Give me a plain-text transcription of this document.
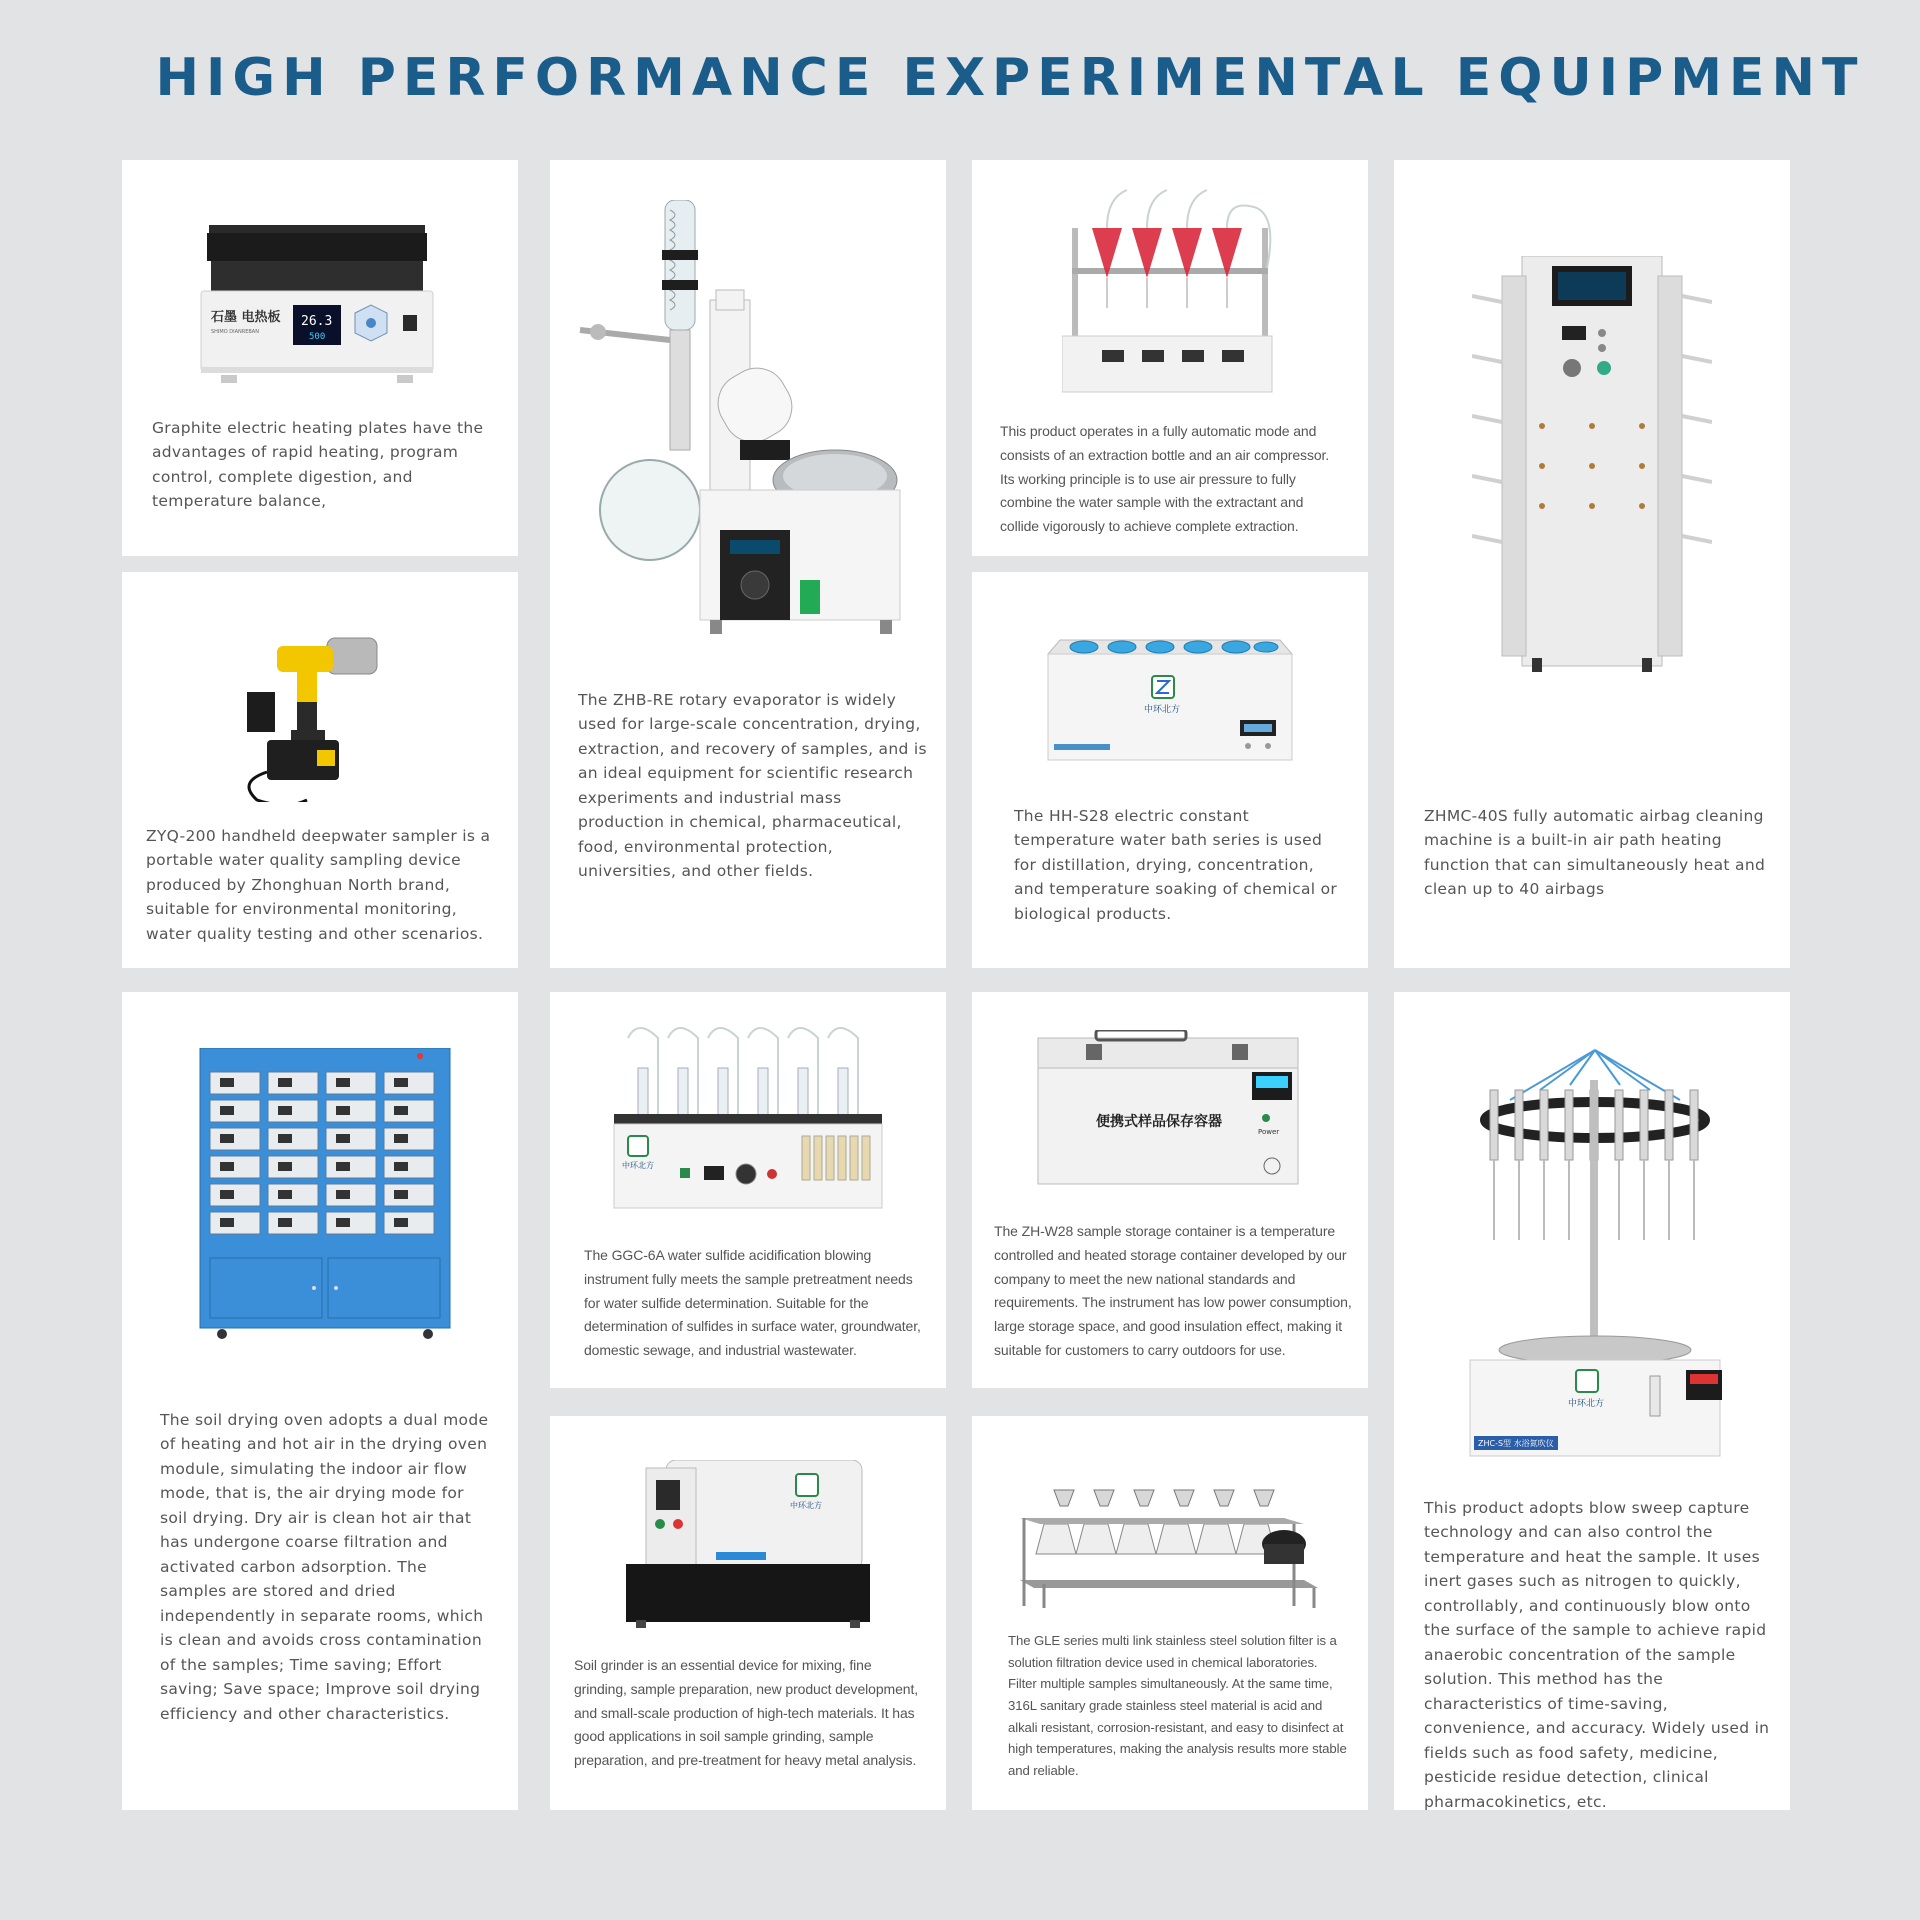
HIGH PERFORMANCE EXPERIMENTAL EQUIPMENT
石墨 电热板
SHIMO DIANREBAN
26.3
500
Graphite electric heating plates have the advantages of rapid heating, program control, complete digestion, and temperature balance,
The ZHB-RE rotary evaporator is widely used for large-scale concentration, drying, extraction, and recovery of samples, and is an ideal equipment for scientific research experiments and industrial mass production in chemical, pharmaceutical, food, environmental protection, universities, and other fields.
This product operates in a fully automatic mode and consists of an extraction bottle and an air compressor. Its working principle is to use air pressure to fully combine the water sample with the extractant and collide vigorously to achieve complete extraction.
ZHMC-40S fully automatic airbag cleaning machine is a built-in air path heating function that can simultaneously heat and clean up to 40 airbags
ZYQ-200 handheld deepwater sampler is a portable water quality sampling device produced by Zhonghuan North brand, suitable for environmental monitoring, water quality testing and other scenarios.
中环北方
The HH-S28 electric constant temperature water bath series is used for distillation, drying, concentration, and temperature soaking of chemical or biological products.
The soil drying oven adopts a dual mode of heating and hot air in the drying oven module, simulating the indoor air flow mode, that is, the air drying mode for soil drying. Dry air is clean hot air that has undergone coarse filtration and activated carbon adsorption. The samples are stored and dried independently in separate rooms, which is clean and avoids cross contamination of the samples; Time saving; Effort saving; Save space; Improve soil drying efficiency and other characteristics.
中环北方
The GGC-6A water sulfide acidification blowing instrument fully meets the sample pretreatment needs for water sulfide determination. Suitable for the determination of sulfides in surface water, groundwater, domestic sewage, and industrial wastewater.
便携式样品保存容器
Power
The ZH-W28 sample storage container is a temperature controlled and heated storage container developed by our company to meet the new national standards and requirements. The instrument has low power consumption, large storage space, and good insulation effect, making it suitable for customers to carry outdoors for use.
中环北方
ZHC-S型 水浴氮吹仪
This product adopts blow sweep capture technology and can also control the temperature and heat the sample. It uses inert gases such as nitrogen to quickly, controllably, and continuously blow onto the surface of the sample to achieve rapid anaerobic concentration of the sample solution. This method has the characteristics of time-saving, convenience, and accuracy. Widely used in fields such as food safety, medicine, pesticide residue detection, clinical pharmacokinetics, etc.
中环北方
Soil grinder is an essential device for mixing, fine grinding, sample preparation, new product development, and small-scale production of high-tech materials. It has good applications in soil sample grinding, sample preparation, and pre-treatment for heavy metal analysis.
The GLE series multi link stainless steel solution filter is a solution filtration device used in chemical laboratories. Filter multiple samples simultaneously. At the same time, 316L sanitary grade stainless steel material is acid and alkali resistant, corrosion-resistant, and easy to disinfect at high temperatures, making the analysis results more stable and reliable.
